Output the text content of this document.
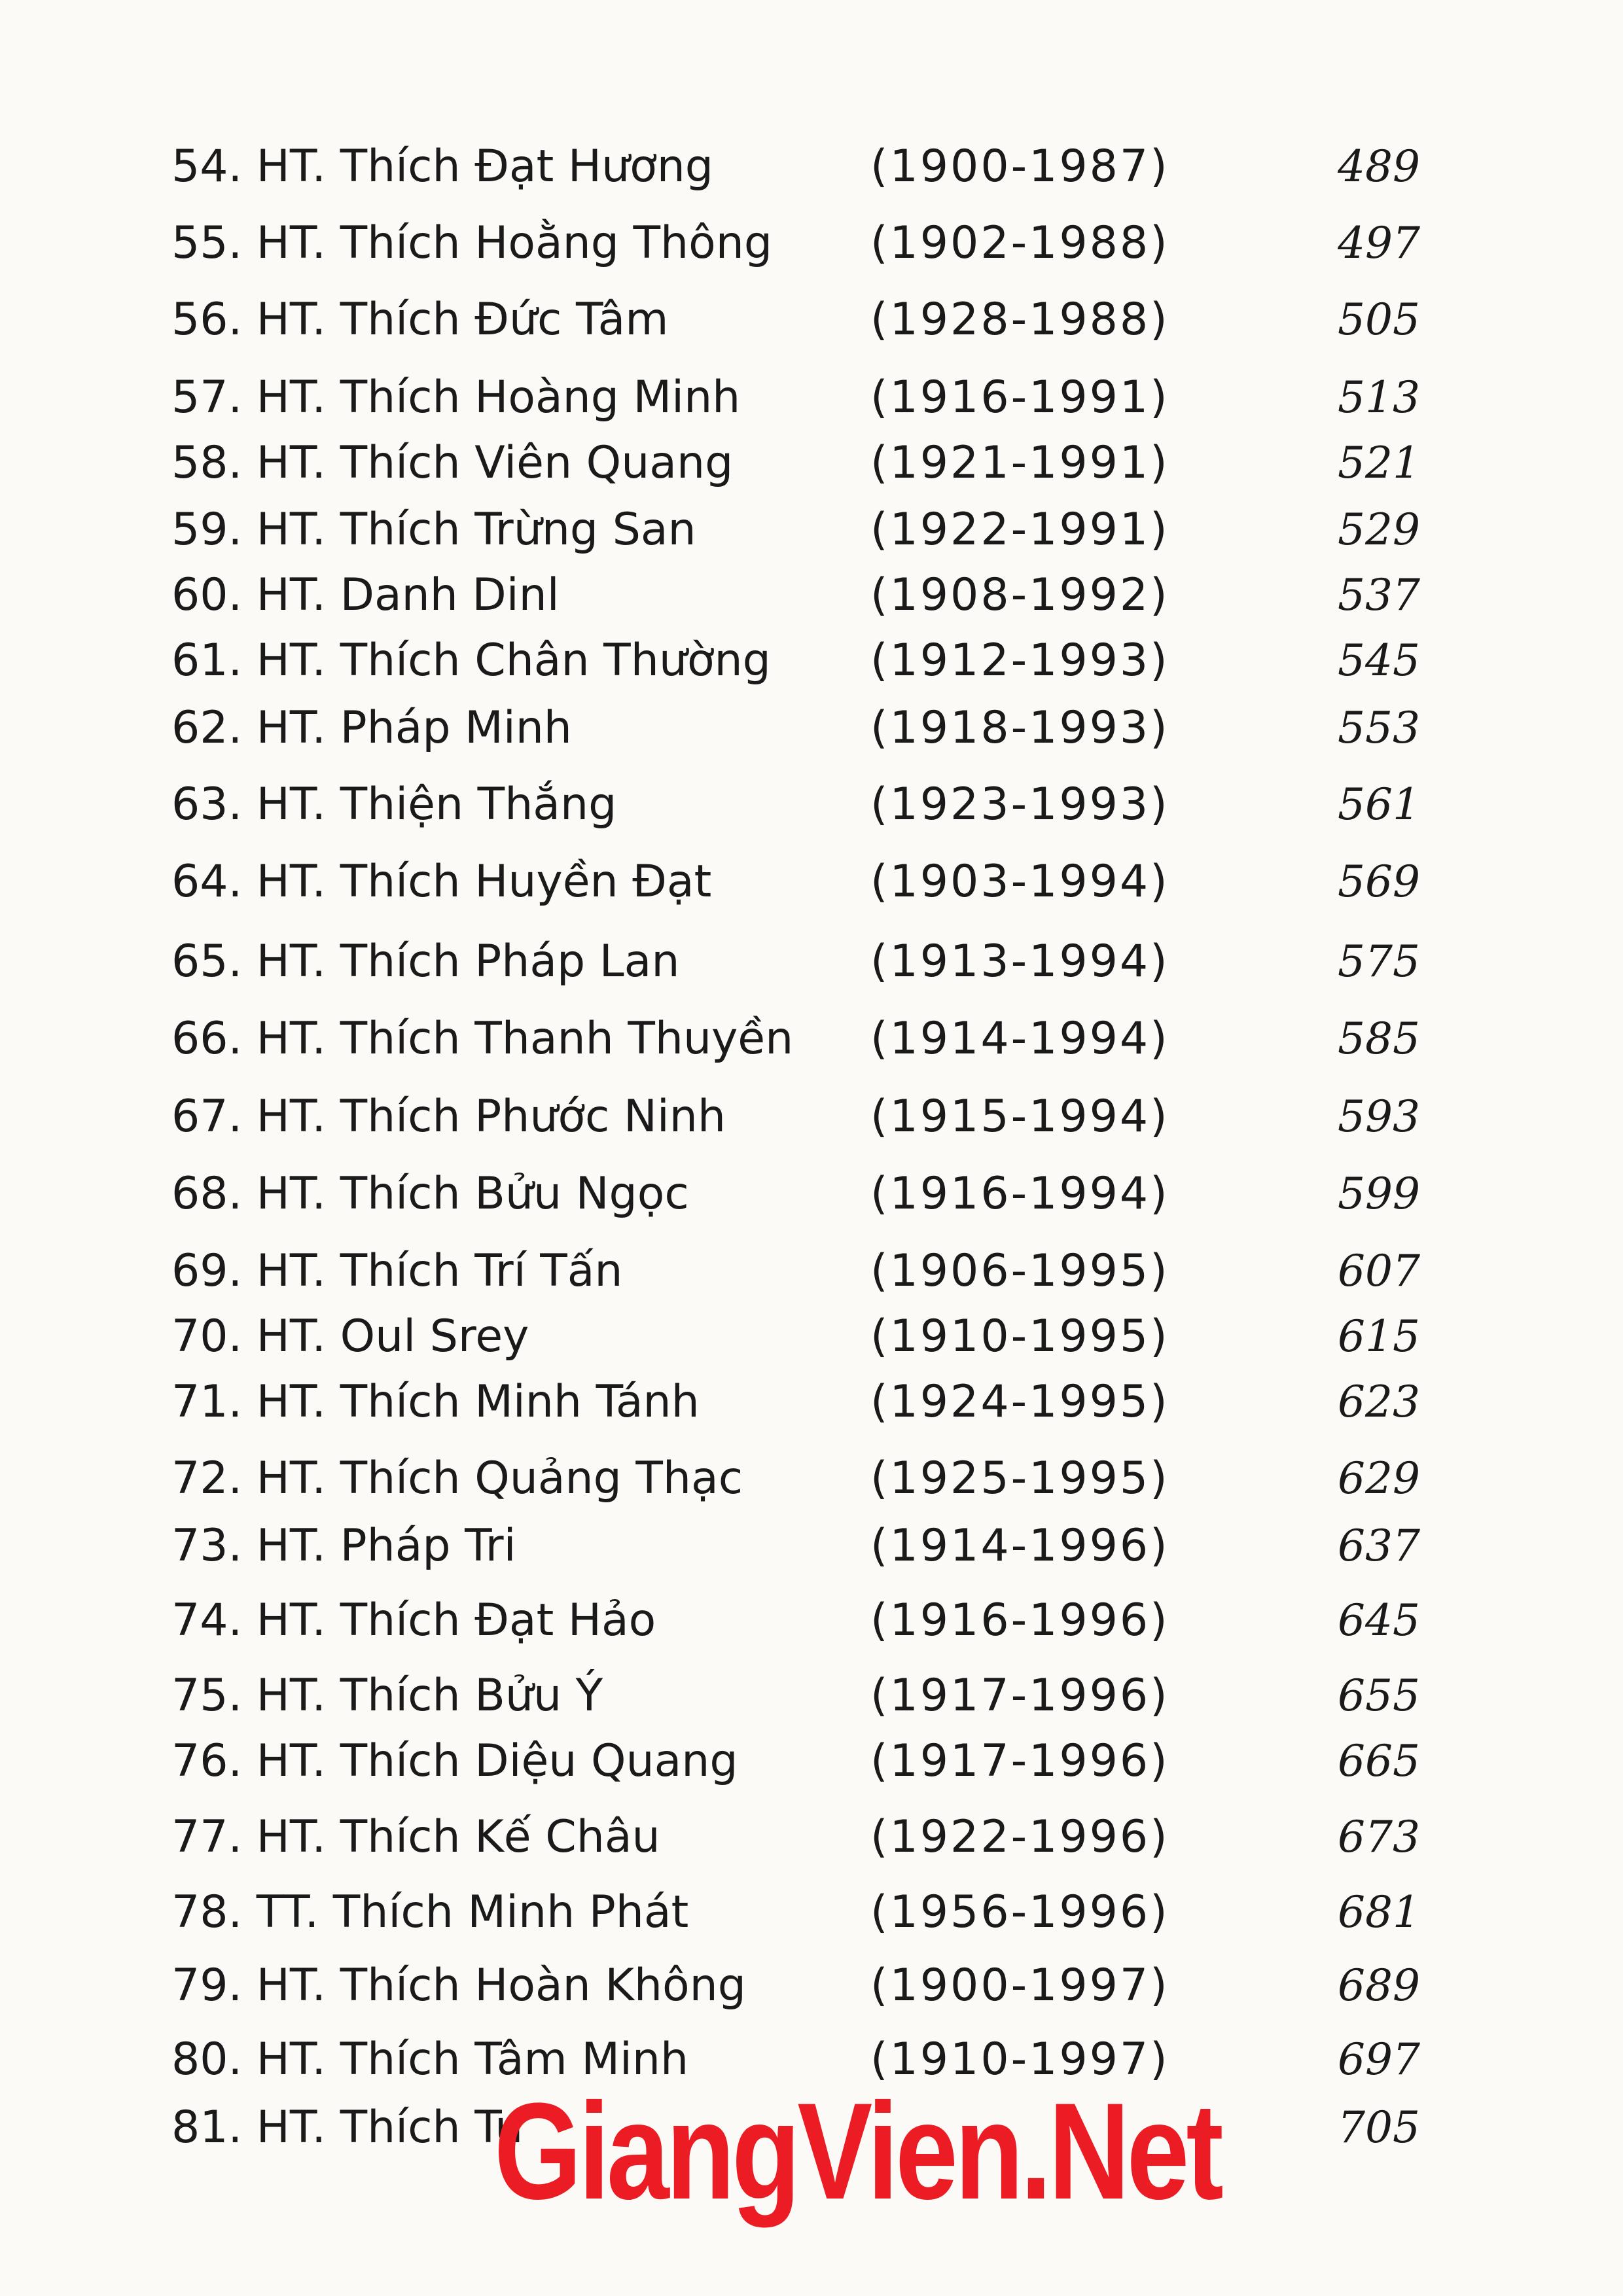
54. HT. Thích Đạt Hương	(1900-1987)	489
55. HT. Thích Hoằng Thông (1902-1988)	497
56. HT. Thích Đức Tâm	(1928-1988)	505
57. HT. Thích Hoàng Minh	(1916-1991)	513
58. HT. Thích Viên Quang	(1921-1991)	521
59. HT. Thích Trừng San	(1922-1991)	529
60. HT. Danh Dinl	(1908-1992)	537
61. HT. Thích Chân Thường (1912-1993)	545
62. HT. Pháp Minh	(1918-1993)	553
63. HT. Thiện Thắng	(1923-1993)	561
64. HT. Thích Huyền Đạt	(1903-1994)	569
65. HT. Thích Pháp Lan	(1913-1994)	575
66. HT. Thích Thanh Thuyền (1914-1994)	585
67. HT. Thích Phước Ninh	(1915-1994)	593
68. HT. Thích Bửu Ngọc	(1916-1994)	599
69. HT. Thích Trí Tấn	(1906-1995)	607
70. HT. Oul Srey	(1910-1995)	615
71. HT. Thích Minh Tánh	(1924-1995)	623
72. HT. Thích Quảng Thạc	(1925-1995)	629
73. HT. Pháp Tri	(1914-1996)	637
74. HT. Thích Đạt Hảo	(1916-1996)	645
75. HT. Thích Bửu Ý	(1917-1996)	655
76. HT. Thích Diệu Quang	(1917-1996)	665
77. HT. Thích Kế Châu	(1922-1996)	673
78. TT. Thích Minh Phát	(1956-1996)	681
79. HT. Thích Hoàn Không	(1900-1997)	689
80. HT. Thích Tâm Minh	(1910-1997)	697
81. HT. Thích Tu	705
GiangVien.Net
